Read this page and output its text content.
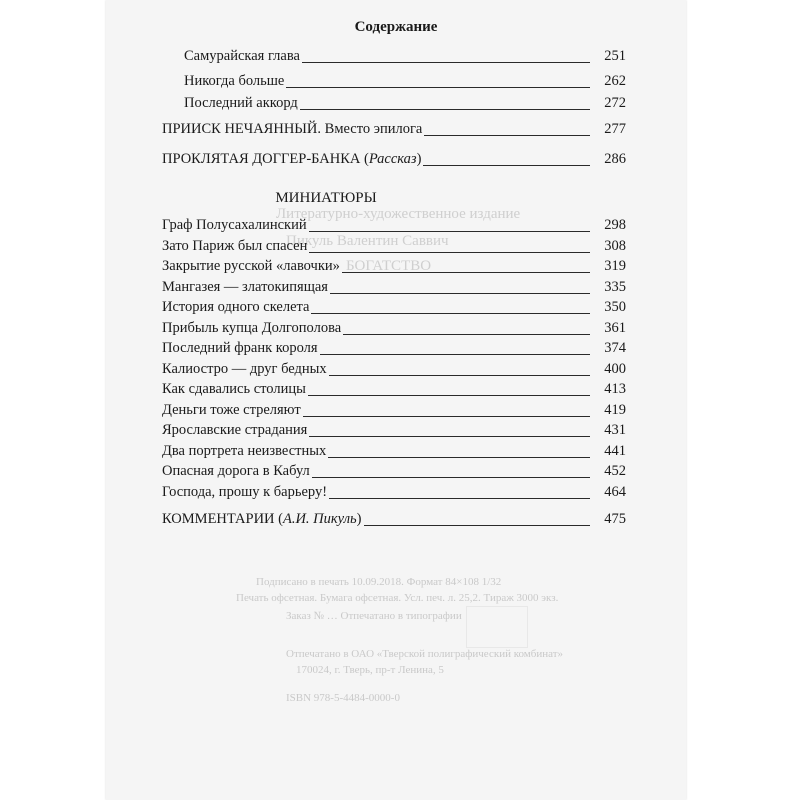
Литературно-художественное издание
Пикуль Валентин Саввич
БОГАТСТВО
Подписано в печать 10.09.2018. Формат 84×108 1/32
Печать офсетная. Бумага офсетная. Усл. печ. л. 25,2. Тираж 3000 экз.
Заказ № … Отпечатано в типографии
Отпечатано в ОАО «Тверской полиграфический комбинат»
170024, г. Тверь, пр-т Ленина, 5
ISBN 978-5-4484-0000-0
Содержание
Самурайская глава	251
Никогда больше	262
Последний аккорд	272
ПРИИСК НЕЧАЯННЫЙ. Вместо эпилога	277
ПРОКЛЯТАЯ ДОГГЕР-БАНКА (Рассказ)	286
МИНИАТЮРЫ
Граф Полусахалинский	298
Зато Париж был спасен	308
Закрытие русской «лавочки»	319
Мангазея — златокипящая	335
История одного скелета	350
Прибыль купца Долгополова	361
Последний франк короля	374
Калиостро — друг бедных	400
Как сдавались столицы	413
Деньги тоже стреляют	419
Ярославские страдания	431
Два портрета неизвестных	441
Опасная дорога в Кабул	452
Господа, прошу к барьеру!	464
КОММЕНТАРИИ (А.И. Пикуль)	475
